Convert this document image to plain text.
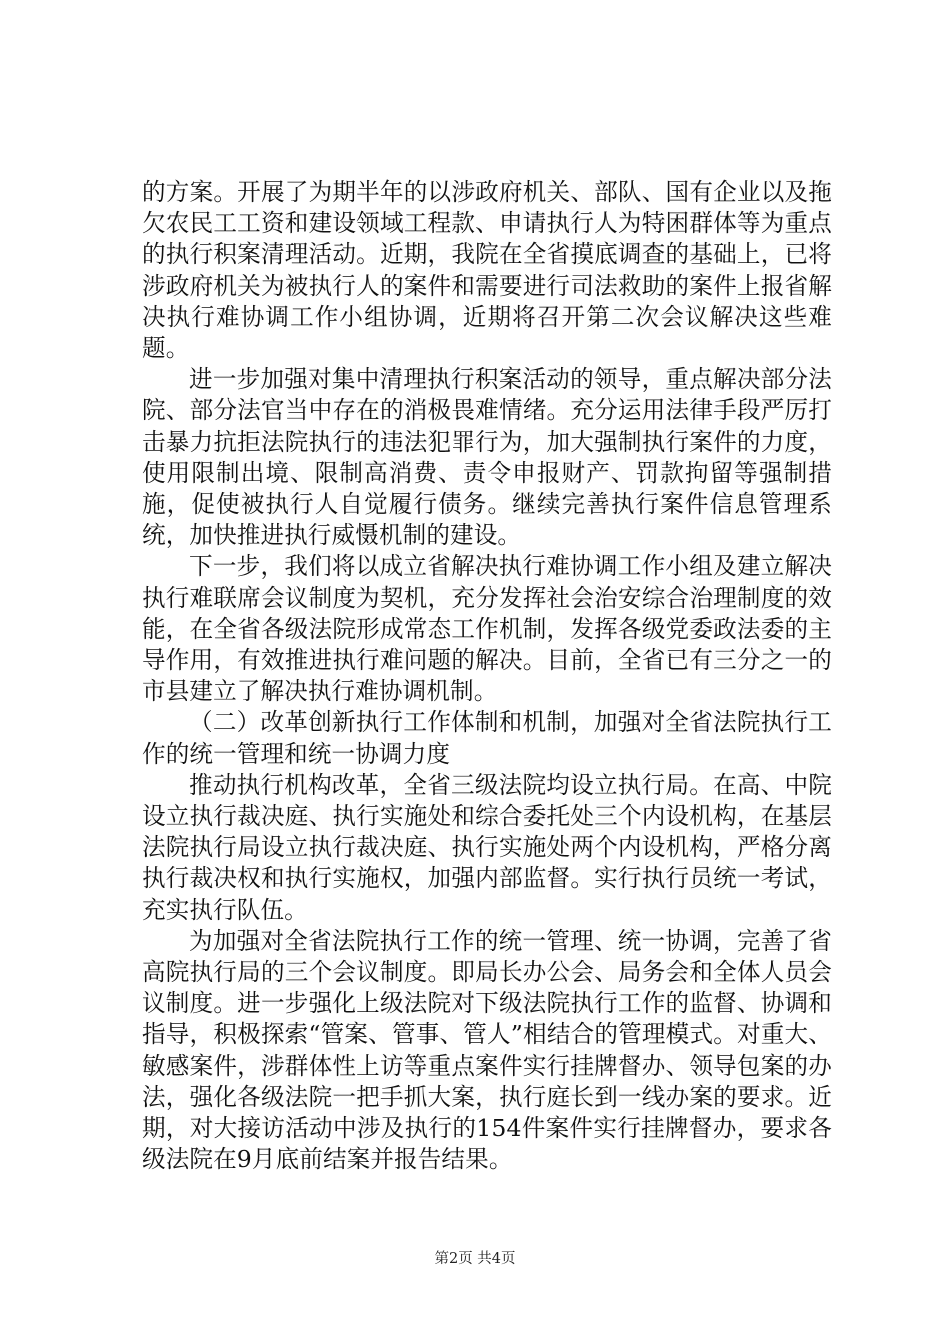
的方案。开展了为期半年的以涉政府机关、部队、国有企业以及拖欠农民工工资和建设领域工程款、申请执行人为特困群体等为重点的执行积案清理活动。近期，我院在全省摸底调查的基础上，已将涉政府机关为被执行人的案件和需要进行司法救助的案件上报省解决执行难协调工作小组协调，近期将召开第二次会议解决这些难题。

进一步加强对集中清理执行积案活动的领导，重点解决部分法院、部分法官当中存在的消极畏难情绪。充分运用法律手段严厉打击暴力抗拒法院执行的违法犯罪行为，加大强制执行案件的力度，使用限制出境、限制高消费、责令申报财产、罚款拘留等强制措施，促使被执行人自觉履行债务。继续完善执行案件信息管理系统，加快推进执行威慑机制的建设。

下一步，我们将以成立省解决执行难协调工作小组及建立解决执行难联席会议制度为契机，充分发挥社会治安综合治理制度的效能，在全省各级法院形成常态工作机制，发挥各级党委政法委的主导作用，有效推进执行难问题的解决。目前，全省已有三分之一的市县建立了解决执行难协调机制。

（二）改革创新执行工作体制和机制，加强对全省法院执行工作的统一管理和统一协调力度

推动执行机构改革，全省三级法院均设立执行局。在高、中院设立执行裁决庭、执行实施处和综合委托处三个内设机构，在基层法院执行局设立执行裁决庭、执行实施处两个内设机构，严格分离执行裁决权和执行实施权，加强内部监督。实行执行员统一考试，充实执行队伍。

为加强对全省法院执行工作的统一管理、统一协调，完善了省高院执行局的三个会议制度。即局长办公会、局务会和全体人员会议制度。进一步强化上级法院对下级法院执行工作的监督、协调和指导，积极探索“管案、管事、管人”相结合的管理模式。对重大、敏感案件，涉群体性上访等重点案件实行挂牌督办、领导包案的办法，强化各级法院一把手抓大案，执行庭长到一线办案的要求。近期，对大接访活动中涉及执行的154件案件实行挂牌督办，要求各级法院在9月底前结案并报告结果。

第2页 共4页
